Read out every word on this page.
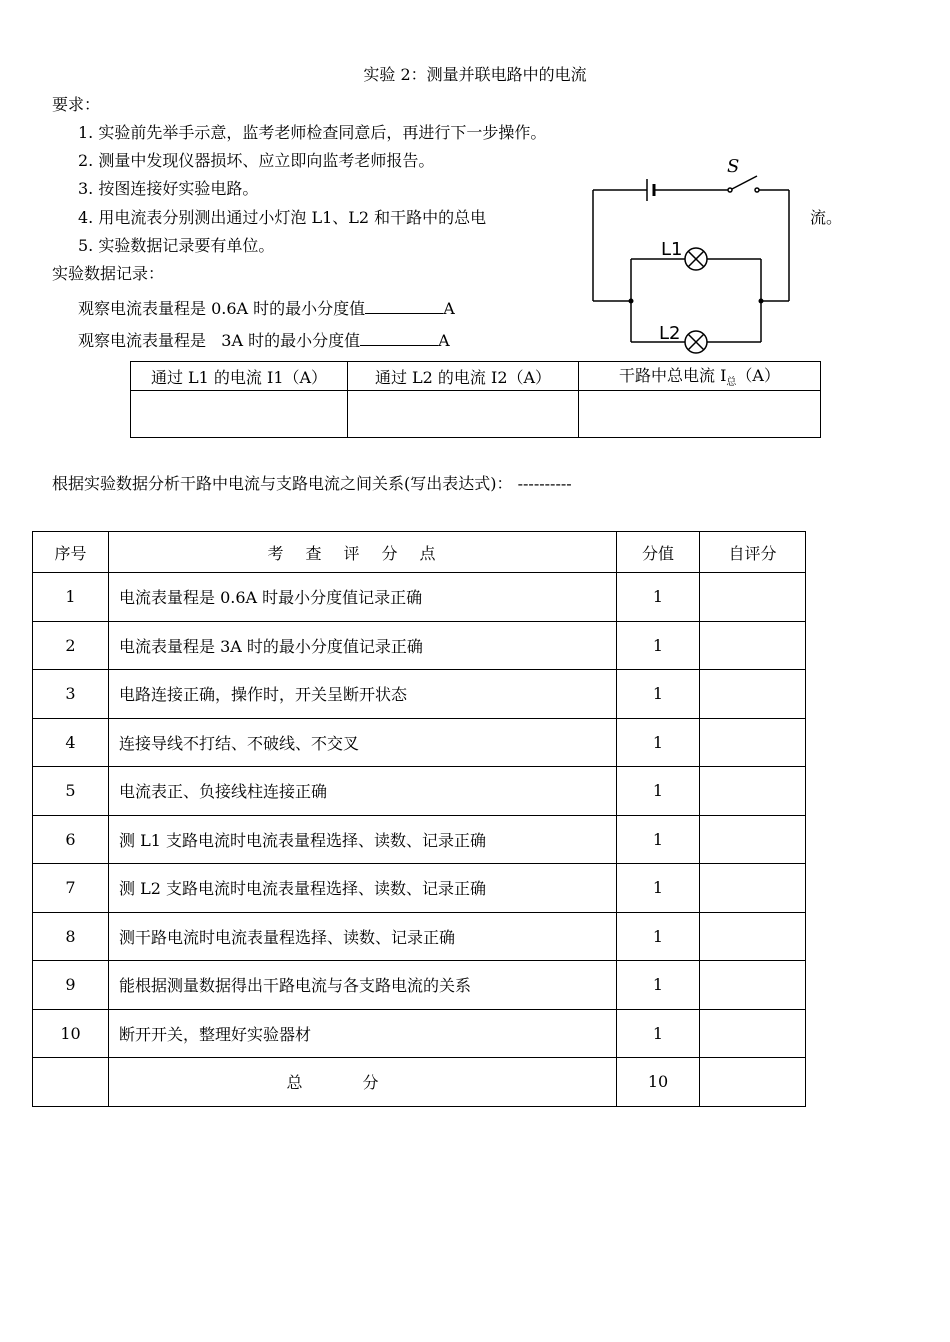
实验 2：测量并联电路中的电流
要求：
1. 实验前先举手示意，监考老师检查同意后，再进行下一步操作。
2. 测量中发现仪器损坏、应立即向监考老师报告。
3. 按图连接好实验电路。
4. 用电流表分别测出通过小灯泡 L1、L2 和干路中的总电	流。
5. 实验数据记录要有单位。
实验数据记录：
观察电流表量程是 0.6A 时的最小分度值	A
观察电流表量程是   3A 时的最小分度值	A
S
L1
L2
通过 L1 的电流 I1（A）	通过 L2 的电流 I2（A）	干路中总电流 $I_总(A)$

根据实验数据分析干路中电流与支路电流之间关系(写出表达式)： ----------
序号	考查评分点	分值	自评分
1	电流表量程是 0.6A 时最小分度值记录正确	1	
2	电流表量程是 3A 时的最小分度值记录正确	1	
3	电路连接正确，操作时，开关呈断开状态	1	
4	连接导线不打结、不破线、不交叉	1	
5	电流表正、负接线柱连接正确	1	
6	测 L1 支路电流时电流表量程选择、读数、记录正确	1	
7	测 L2 支路电流时电流表量程选择、读数、记录正确	1	
8	测干路电流时电流表量程选择、读数、记录正确	1	
9	能根据测量数据得出干路电流与各支路电流的关系	1	
10	断开开关，整理好实验器材	1	
	总分	10	
